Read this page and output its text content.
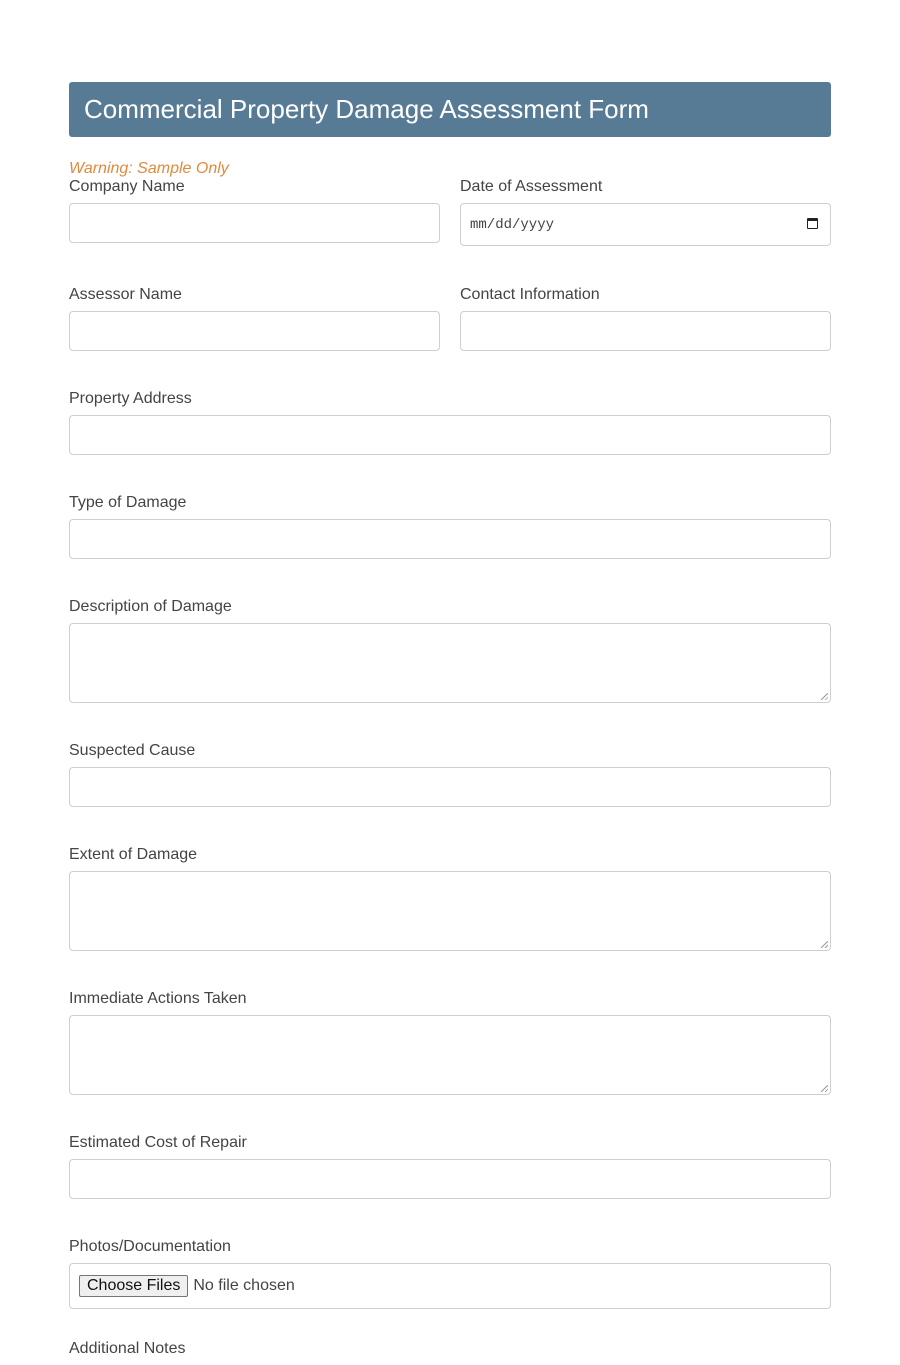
Commercial Property Damage Assessment Form
Warning: Sample Only
Company Name	Date of Assessment
mm/dd/yyyy
Assessor Name	Contact Information
Property Address
Type of Damage
Description of Damage
Suspected Cause
Extent of Damage
Immediate Actions Taken
Estimated Cost of Repair
Photos/Documentation
Choose Files No file chosen
Additional Notes
